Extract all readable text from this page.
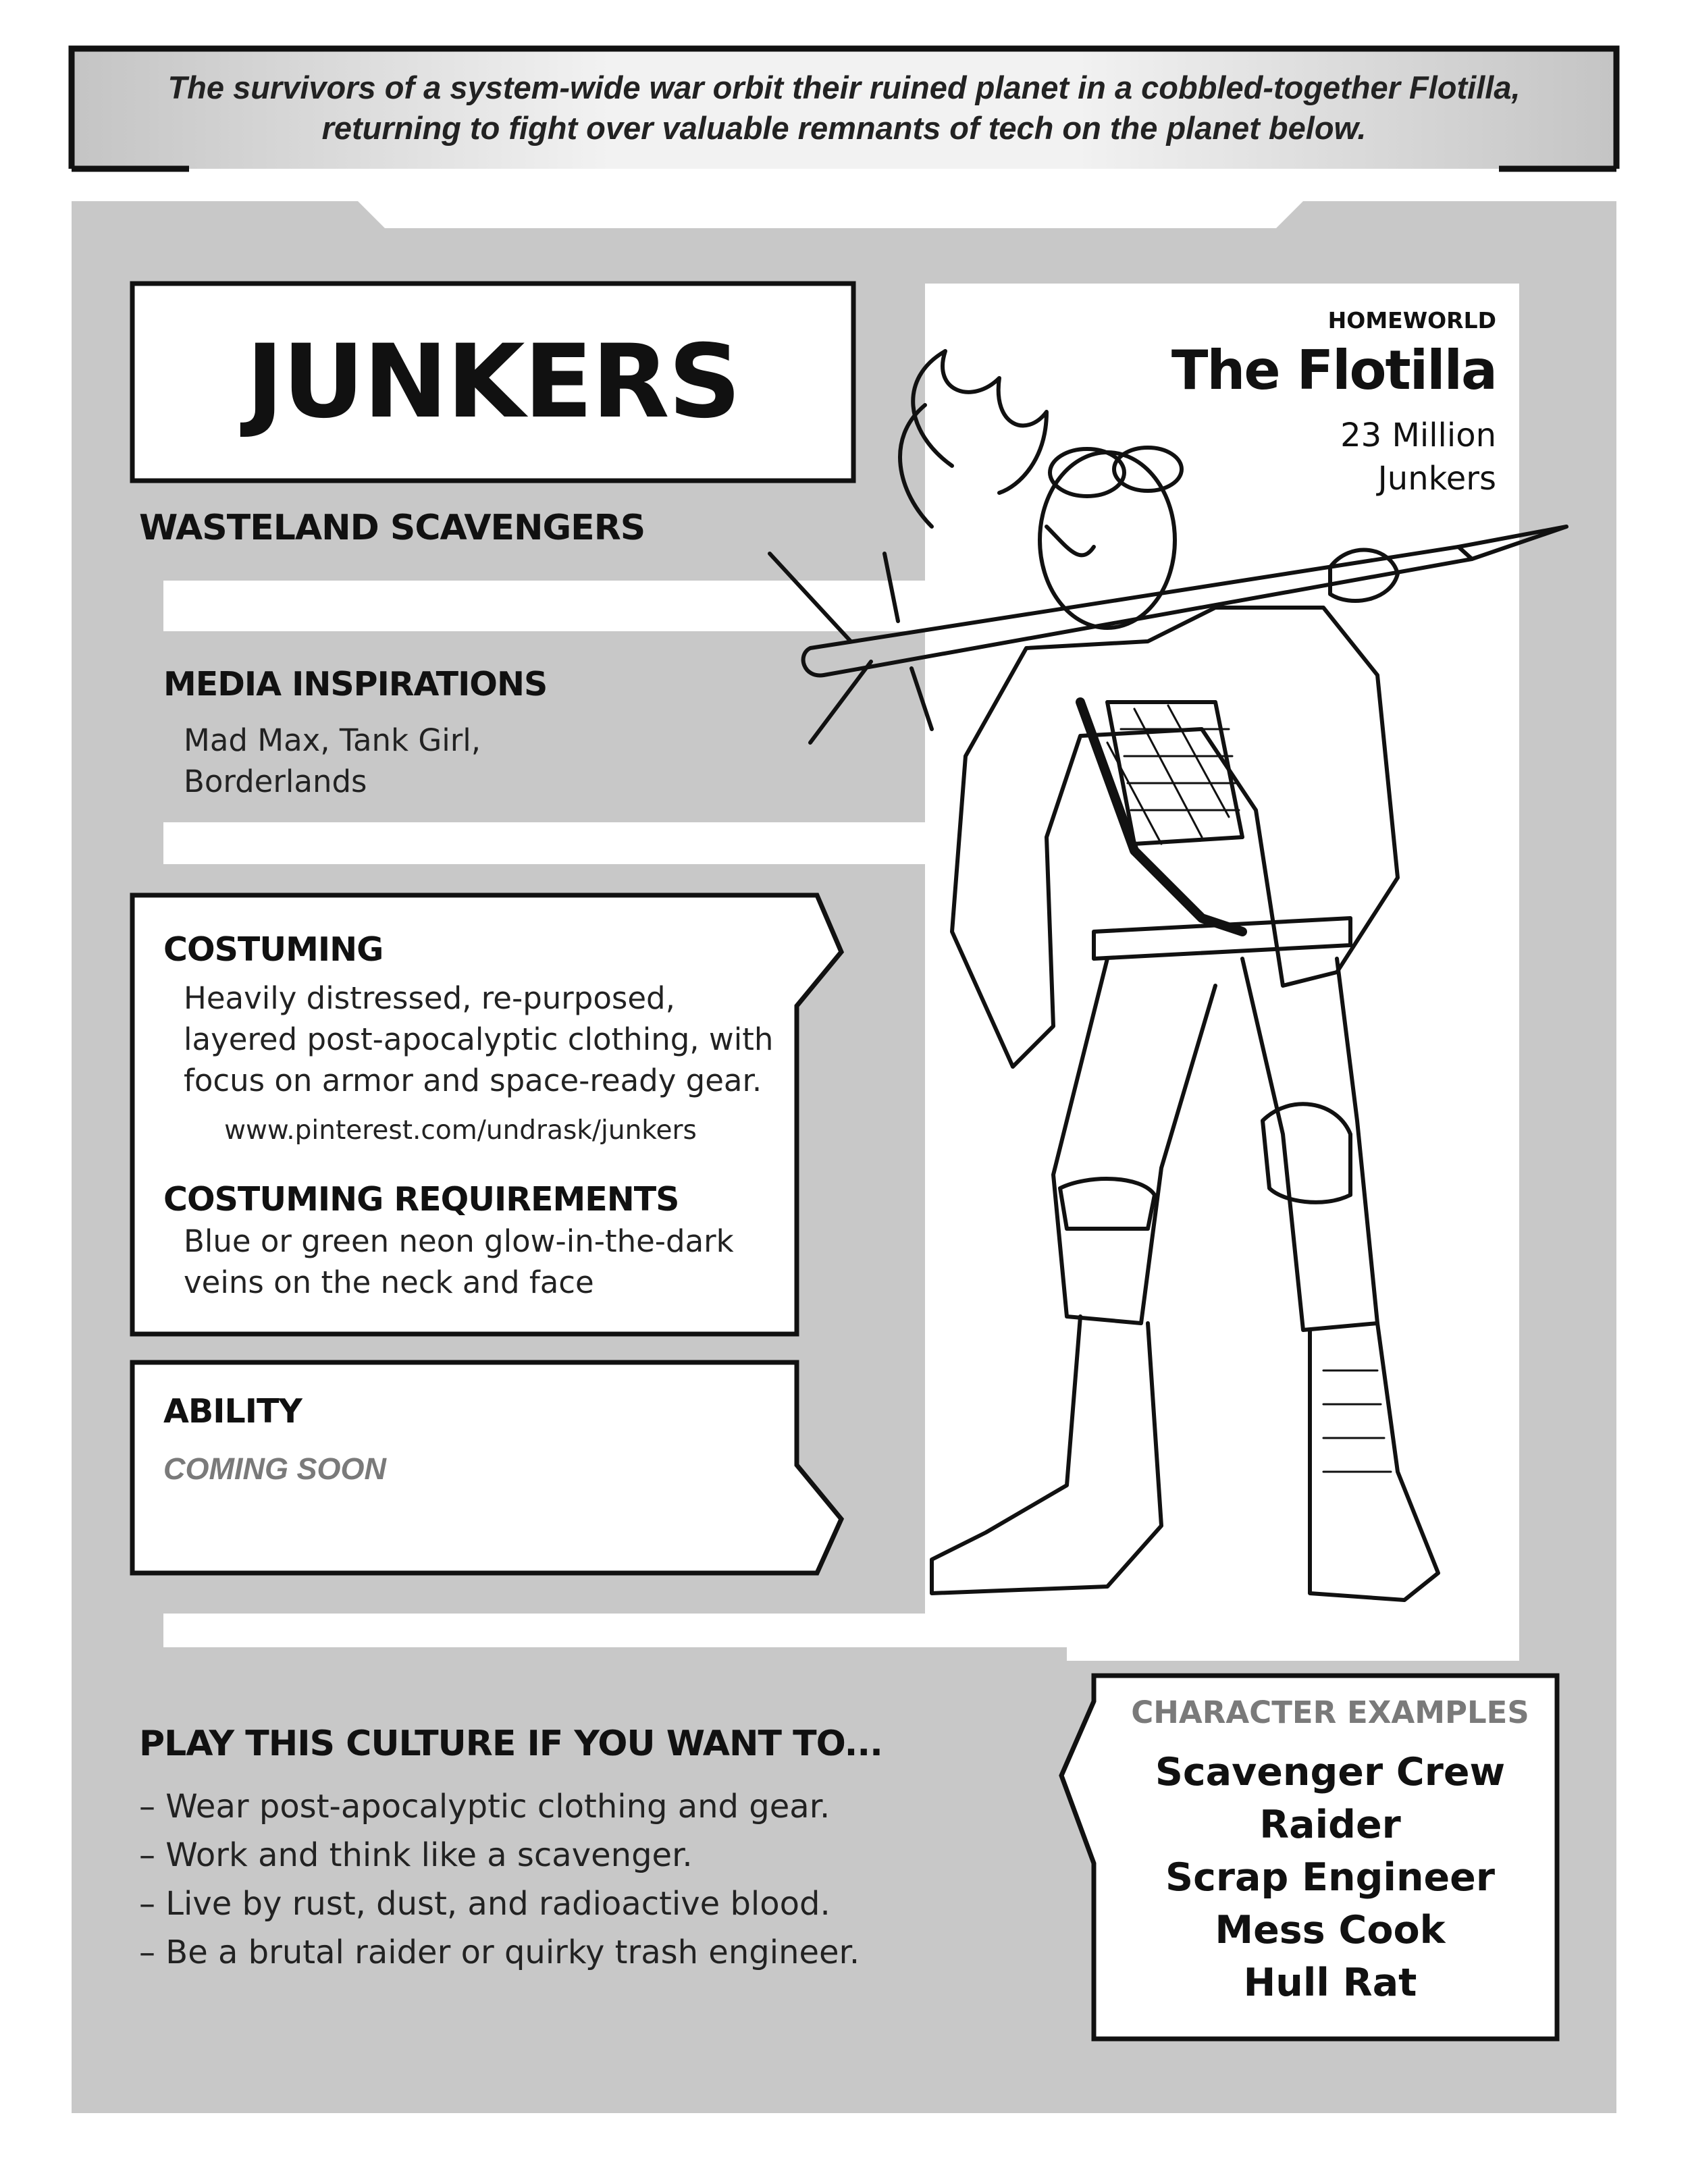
The survivors of a system-wide war orbit their ruined planet in a cobbled-together Flotilla,
returning to fight over valuable remnants of tech on the planet below.
JUNKERS
WASTELAND SCAVENGERS
HOMEWORLD
The Flotilla
23 Million
Junkers
MEDIA INSPIRATIONS
Mad Max, Tank Girl,
Borderlands
COSTUMING
Heavily distressed, re-purposed,
layered post-apocalyptic clothing, with
focus on armor and space-ready gear.
www.pinterest.com/undrask/junkers
COSTUMING REQUIREMENTS
Blue or green neon glow-in-the-dark
veins on the neck and face
ABILITY
COMING SOON
PLAY THIS CULTURE IF YOU WANT TO...
– Wear post-apocalyptic clothing and gear.
– Work and think like a scavenger.
– Live by rust, dust, and radioactive blood.
– Be a brutal raider or quirky trash engineer.
CHARACTER EXAMPLES
Scavenger Crew
Raider
Scrap Engineer
Mess Cook
Hull Rat
